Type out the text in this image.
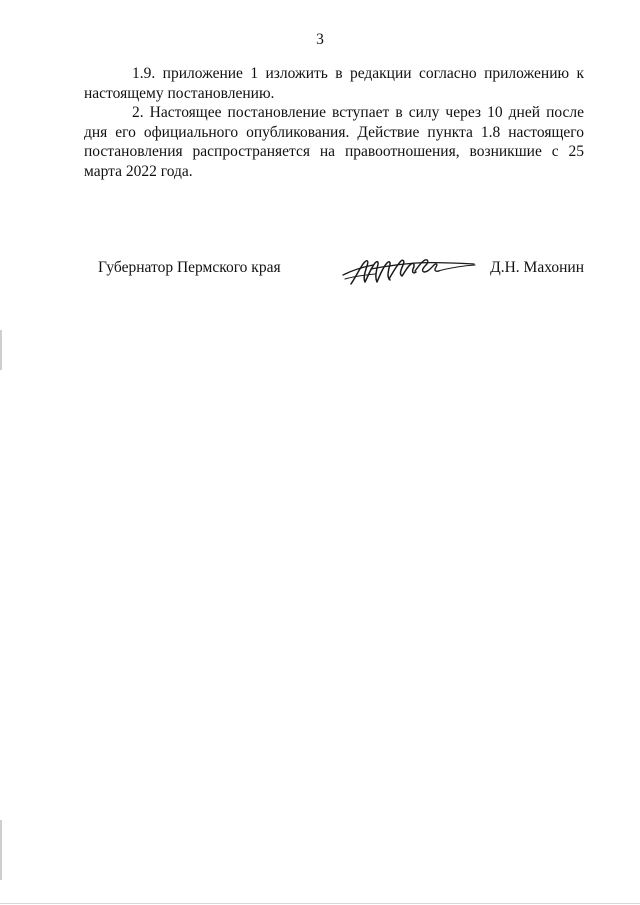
3

1.9. приложение 1 изложить в редакции согласно приложению к настоящему постановлению.

2. Настоящее постановление вступает в силу через 10 дней после дня его официального опубликования. Действие пункта 1.8 настоящего постановления распространяется на правоотношения, возникшие с 25 марта 2022 года.

Губернатор Пермского края	Д.Н. Махонин
